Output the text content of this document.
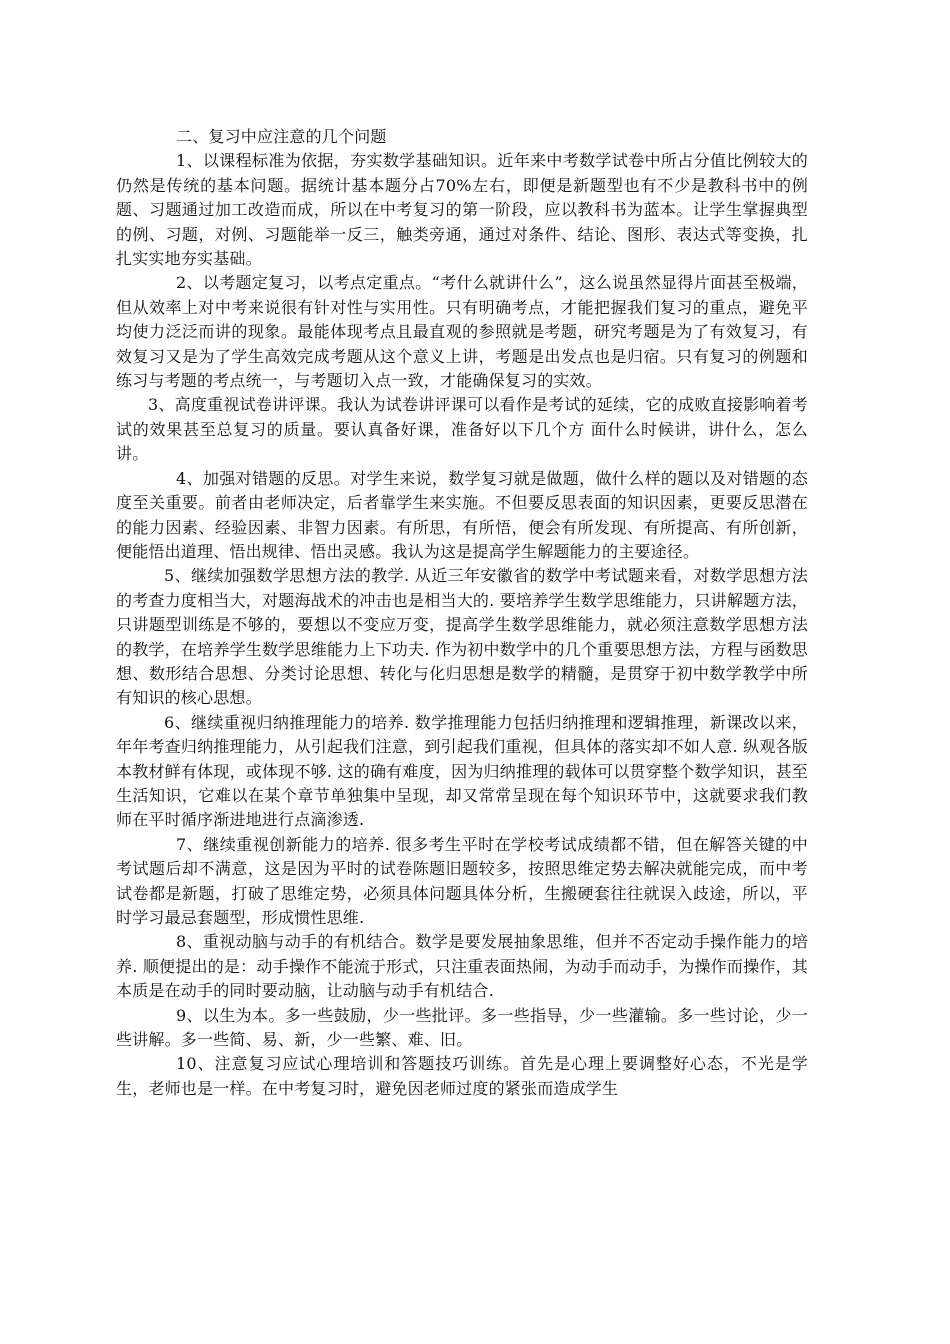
二、复习中应注意的几个问题

1、以课程标准为依据，夯实数学基础知识。近年来中考数学试卷中所占分值比例较大的仍然是传统的基本问题。据统计基本题分占70%左右，即便是新题型也有不少是教科书中的例题、习题通过加工改造而成，所以在中考复习的第一阶段，应以教科书为蓝本。让学生掌握典型的例、习题，对例、习题能举一反三，触类旁通，通过对条件、结论、图形、表达式等变换，扎扎实实地夯实基础。

2、以考题定复习，以考点定重点。“考什么就讲什么”，这么说虽然显得片面甚至极端，但从效率上对中考来说很有针对性与实用性。只有明确考点，才能把握我们复习的重点，避免平均使力泛泛而讲的现象。最能体现考点且最直观的参照就是考题，研究考题是为了有效复习，有效复习又是为了学生高效完成考题从这个意义上讲，考题是出发点也是归宿。只有复习的例题和练习与考题的考点统一，与考题切入点一致，才能确保复习的实效。

3、高度重视试卷讲评课。我认为试卷讲评课可以看作是考试的延续，它的成败直接影响着考试的效果甚至总复习的质量。要认真备好课，准备好以下几个方 面什么时候讲，讲什么，怎么讲。

4、加强对错题的反思。对学生来说，数学复习就是做题，做什么样的题以及对错题的态度至关重要。前者由老师决定，后者靠学生来实施。不但要反思表面的知识因素，更要反思潜在的能力因素、经验因素、非智力因素。有所思，有所悟，便会有所发现、有所提高、有所创新，便能悟出道理、悟出规律、悟出灵感。我认为这是提高学生解题能力的主要途径。

5、继续加强数学思想方法的教学. 从近三年安徽省的数学中考试题来看，对数学思想方法的考查力度相当大，对题海战术的冲击也是相当大的. 要培养学生数学思维能力，只讲解题方法，只讲题型训练是不够的，要想以不变应万变，提高学生数学思维能力，就必须注意数学思想方法的教学，在培养学生数学思维能力上下功夫. 作为初中数学中的几个重要思想方法，方程与函数思想、数形结合思想、分类讨论思想、转化与化归思想是数学的精髓，是贯穿于初中数学教学中所有知识的核心思想。

6、继续重视归纳推理能力的培养. 数学推理能力包括归纳推理和逻辑推理，新课改以来，年年考查归纳推理能力，从引起我们注意，到引起我们重视，但具体的落实却不如人意. 纵观各版本教材鲜有体现，或体现不够. 这的确有难度，因为归纳推理的载体可以贯穿整个数学知识，甚至生活知识，它难以在某个章节单独集中呈现，却又常常呈现在每个知识环节中，这就要求我们教师在平时循序渐进地进行点滴渗透.

7、继续重视创新能力的培养. 很多考生平时在学校考试成绩都不错，但在解答关键的中考试题后却不满意，这是因为平时的试卷陈题旧题较多，按照思维定势去解决就能完成，而中考试卷都是新题，打破了思维定势，必须具体问题具体分析，生搬硬套往往就误入歧途，所以，平时学习最忌套题型，形成惯性思维.

8、重视动脑与动手的有机结合。数学是要发展抽象思维，但并不否定动手操作能力的培养. 顺便提出的是：动手操作不能流于形式，只注重表面热闹，为动手而动手，为操作而操作，其本质是在动手的同时要动脑，让动脑与动手有机结合.

9、以生为本。多一些鼓励，少一些批评。多一些指导，少一些灌输。多一些讨论，少一些讲解。多一些简、易、新，少一些繁、难、旧。

10、注意复习应试心理培训和答题技巧训练。首先是心理上要调整好心态，不光是学生，老师也是一样。在中考复习时，避免因老师过度的紧张而造成学生
